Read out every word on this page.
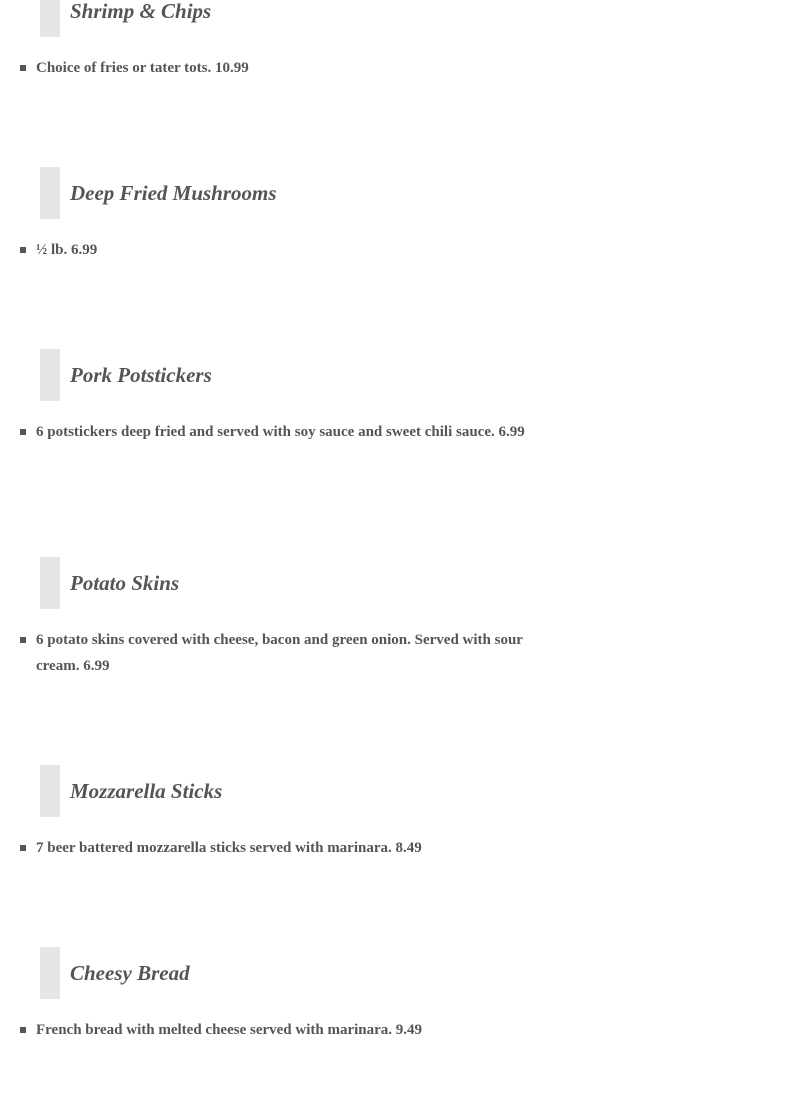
Shrimp & Chips
Choice of fries or tater tots. 10.99
Deep Fried Mushrooms
½ lb. 6.99
Pork Potstickers
6 potstickers deep fried and served with soy sauce and sweet chili sauce. 6.99
Potato Skins
6 potato skins covered with cheese, bacon and green onion. Served with sour cream. 6.99
Mozzarella Sticks
7 beer battered mozzarella sticks served with marinara. 8.49
Cheesy Bread
French bread with melted cheese served with marinara. 9.49
